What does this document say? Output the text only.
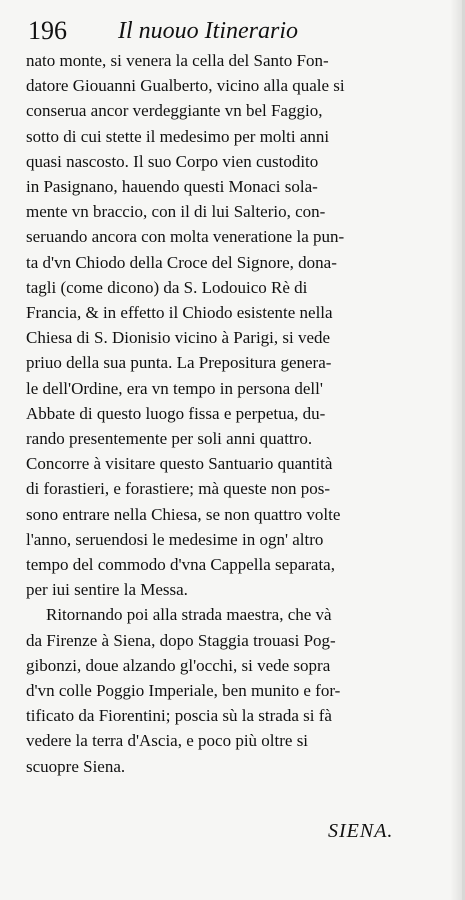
196 Il nuouo Itinerario
nato monte, si venera la cella del Santo Fon-
datore Giouanni Gualberto, vicino alla quale si
conserua ancor verdeggiante vn bel Faggio,
sotto di cui stette il medesimo per molti anni
quasi nascosto. Il suo Corpo vien custodito
in Pasignano, hauendo questi Monaci sola-
mente vn braccio, con il di lui Salterio, con-
seruando ancora con molta veneratione la pun-
ta d'vn Chiodo della Croce del Signore, dona-
tagli (come dicono) da S. Lodouico Rè di
Francia, & in effetto il Chiodo esistente nella
Chiesa di S. Dionisio vicino à Parigi, si vede
priuo della sua punta. La Prepositura genera-
le dell'Ordine, era vn tempo in persona dell'
Abbate di questo luogo fissa e perpetua, du-
rando presentemente per soli anni quattro.
Concorre à visitare questo Santuario quantità
di forastieri, e forastiere; mà queste non pos-
sono entrare nella Chiesa, se non quattro volte
l'anno, seruendosi le medesime in ogn' altro
tempo del commodo d'vna Cappella separata,
per iui sentire la Messa.
Ritornando poi alla strada maestra, che và
da Firenze à Siena, dopo Staggia trouasi Pog-
gibonzi, doue alzando gl'occhi, si vede sopra
d'vn colle Poggio Imperiale, ben munito e for-
tificato da Fiorentini; poscia sù la strada si fà
vedere la terra d'Ascia, e poco più oltre si
scuopre Siena.
SIENA.
